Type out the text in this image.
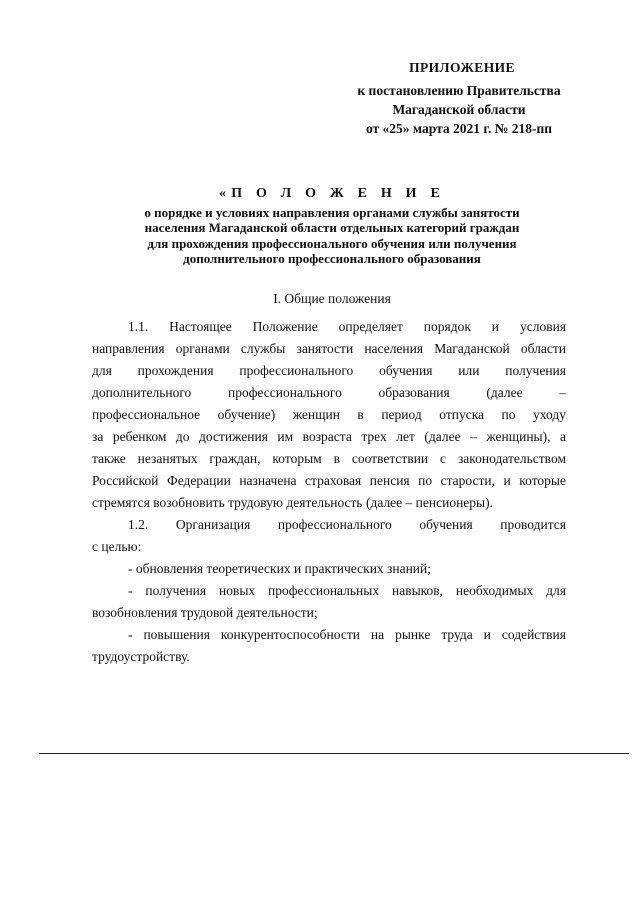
ПРИЛОЖЕНИЕ
к постановлению Правительства
Магаданской области
от «25» марта 2021 г. № 218-пп
«П О Л О Ж Е Н И Е
о порядке и условиях направления органами службы занятости
населения Магаданской области отдельных категорий граждан
для прохождения профессионального обучения или получения
дополнительного профессионального образования
I. Общие положения
1.1. Настоящее Положение определяет порядок и условия
направления органами службы занятости населения Магаданской области
для прохождения профессионального обучения или получения
дополнительного профессионального образования (далее –
профессиональное обучение) женщин в период отпуска по уходу
за ребенком до достижения им возраста трех лет (далее – женщины), а
также незанятых граждан, которым в соответствии с законодательством
Российской Федерации назначена страховая пенсия по старости, и которые
стремятся возобновить трудовую деятельность (далее – пенсионеры).
1.2. Организация профессионального обучения проводится
с целью:
- обновления теоретических и практических знаний;
- получения новых профессиональных навыков, необходимых для
возобновления трудовой деятельности;
- повышения конкурентоспособности на рынке труда и содействия
трудоустройству.
